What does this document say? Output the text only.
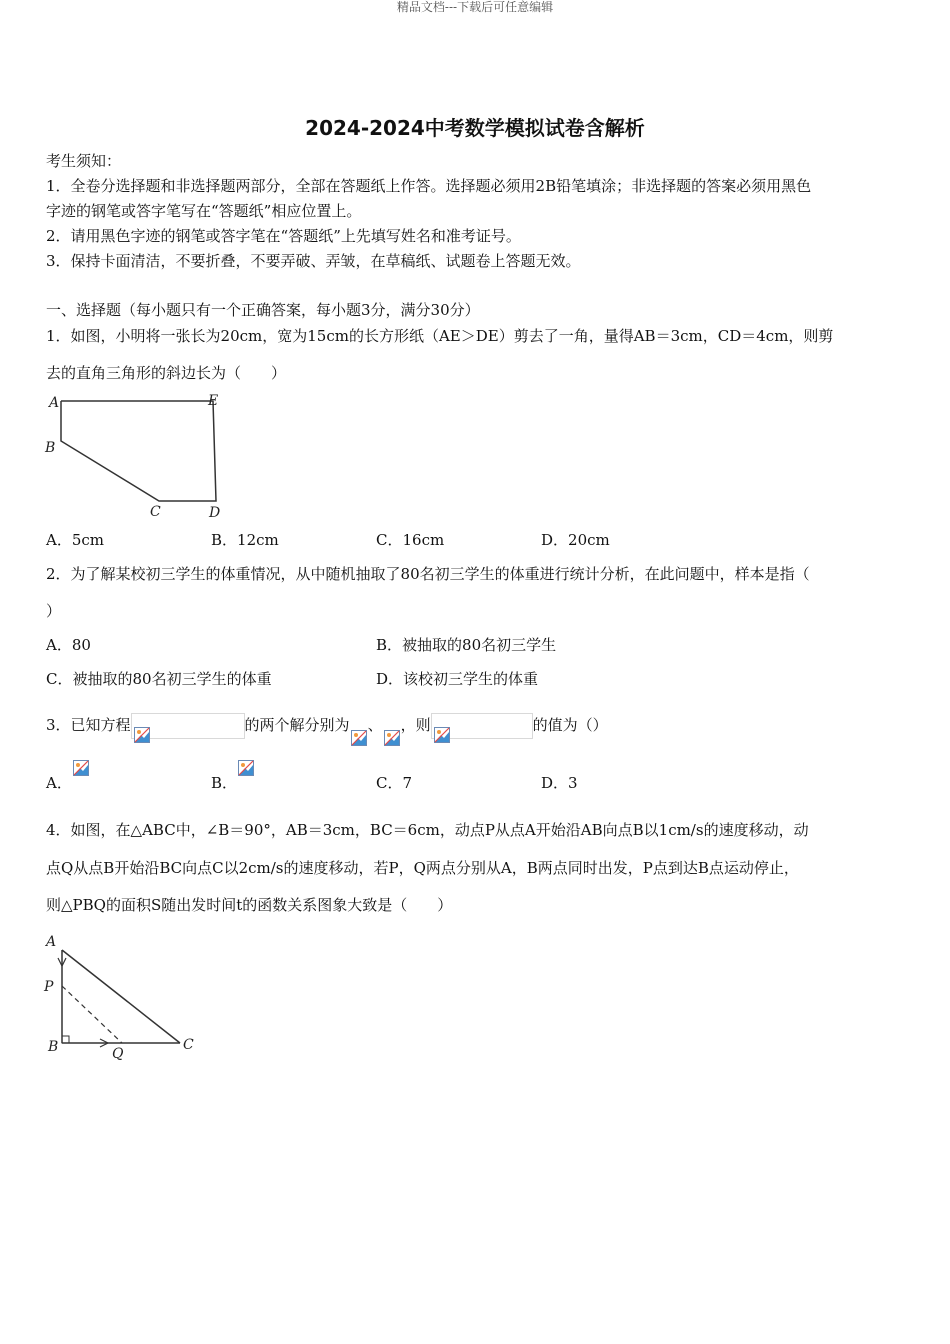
精品文档---下载后可任意编辑
2024-2024中考数学模拟试卷含解析
考生须知：
1．全卷分选择题和非选择题两部分，全部在答题纸上作答。选择题必须用2B铅笔填涂；非选择题的答案必须用黑色
字迹的钢笔或答字笔写在“答题纸”相应位置上。
2．请用黑色字迹的钢笔或答字笔在“答题纸”上先填写姓名和准考证号。
3．保持卡面清洁，不要折叠，不要弄破、弄皱，在草稿纸、试题卷上答题无效。
一、选择题（每小题只有一个正确答案，每小题3分，满分30分）
1．如图，小明将一张长为20cm，宽为15cm的长方形纸（AE＞DE）剪去了一角，量得AB＝3cm，CD＝4cm，则剪
去的直角三角形的斜边长为（　　）
A	E
B
C	D
A．5cm	B．12cm	C．16cm	D．20cm
2．为了解某校初三学生的体重情况，从中随机抽取了80名初三学生的体重进行统计分析，在此问题中，样本是指（
）
A．80	B．被抽取的80名初三学生
C．被抽取的80名初三学生的体重	D．该校初三学生的体重
3．已知方程	的两个解分别为 、 ，则	的值为（）
A．	B．	C．7	D．3
4．如图，在△ABC中，∠B＝90°，AB＝3cm，BC＝6cm，动点P从点A开始沿AB向点B以1cm/s的速度移动，动
点Q从点B开始沿BC向点C以2cm/s的速度移动，若P，Q两点分别从A，B两点同时出发，P点到达B点运动停止，
则△PBQ的面积S随出发时间t的函数关系图象大致是（　　）
A
P
B	Q
C
